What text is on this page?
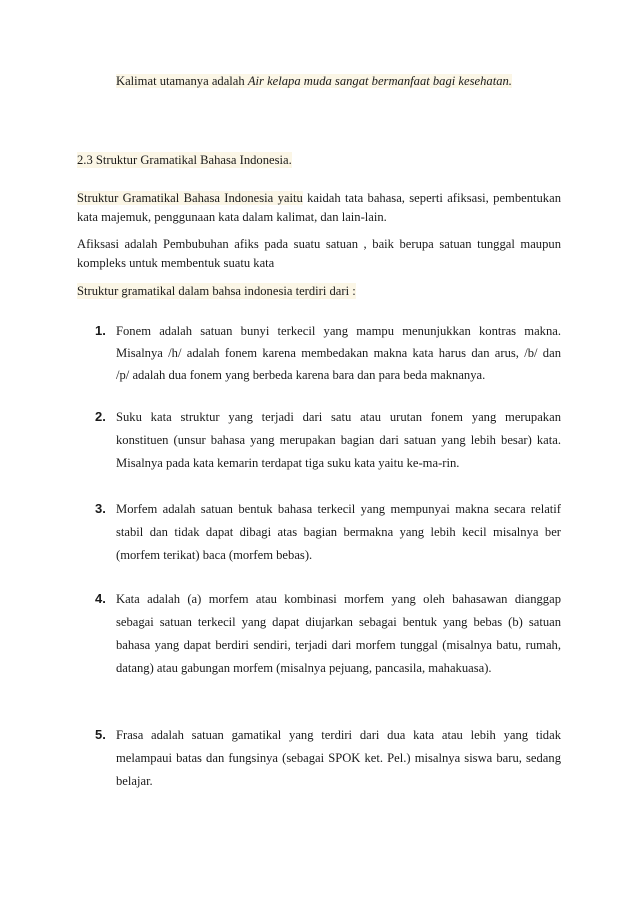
Kalimat utamanya adalah Air kelapa muda sangat bermanfaat bagi kesehatan.
2.3 Struktur Gramatikal Bahasa Indonesia.
Struktur Gramatikal Bahasa Indonesia yaitu kaidah tata bahasa, seperti afiksasi, pembentukan
kata majemuk, penggunaan kata dalam kalimat, dan lain-lain.
Afiksasi adalah Pembubuhan afiks pada suatu satuan , baik berupa satuan tunggal maupun
kompleks untuk membentuk suatu kata
Struktur gramatikal dalam bahsa indonesia terdiri dari :
1. Fonem adalah satuan bunyi terkecil yang mampu menunjukkan kontras makna.
Misalnya /h/ adalah fonem karena membedakan makna kata harus dan arus, /b/ dan
/p/ adalah dua fonem yang berbeda karena bara dan para beda maknanya.
2. Suku kata struktur yang terjadi dari satu atau urutan fonem yang merupakan
konstituen (unsur bahasa yang merupakan bagian dari satuan yang lebih besar) kata.
Misalnya pada kata kemarin terdapat tiga suku kata yaitu ke-ma-rin.
3. Morfem adalah satuan bentuk bahasa terkecil yang mempunyai makna secara relatif
stabil dan tidak dapat dibagi atas bagian bermakna yang lebih kecil misalnya ber
(morfem terikat) baca (morfem bebas).
4. Kata adalah (a) morfem atau kombinasi morfem yang oleh bahasawan dianggap
sebagai satuan terkecil yang dapat diujarkan sebagai bentuk yang bebas (b) satuan
bahasa yang dapat berdiri sendiri, terjadi dari morfem tunggal (misalnya batu, rumah,
datang) atau gabungan morfem (misalnya pejuang, pancasila, mahakuasa).
5. Frasa adalah satuan gamatikal yang terdiri dari dua kata atau lebih yang tidak
melampaui batas dan fungsinya (sebagai SPOK ket. Pel.) misalnya siswa baru, sedang
belajar.
